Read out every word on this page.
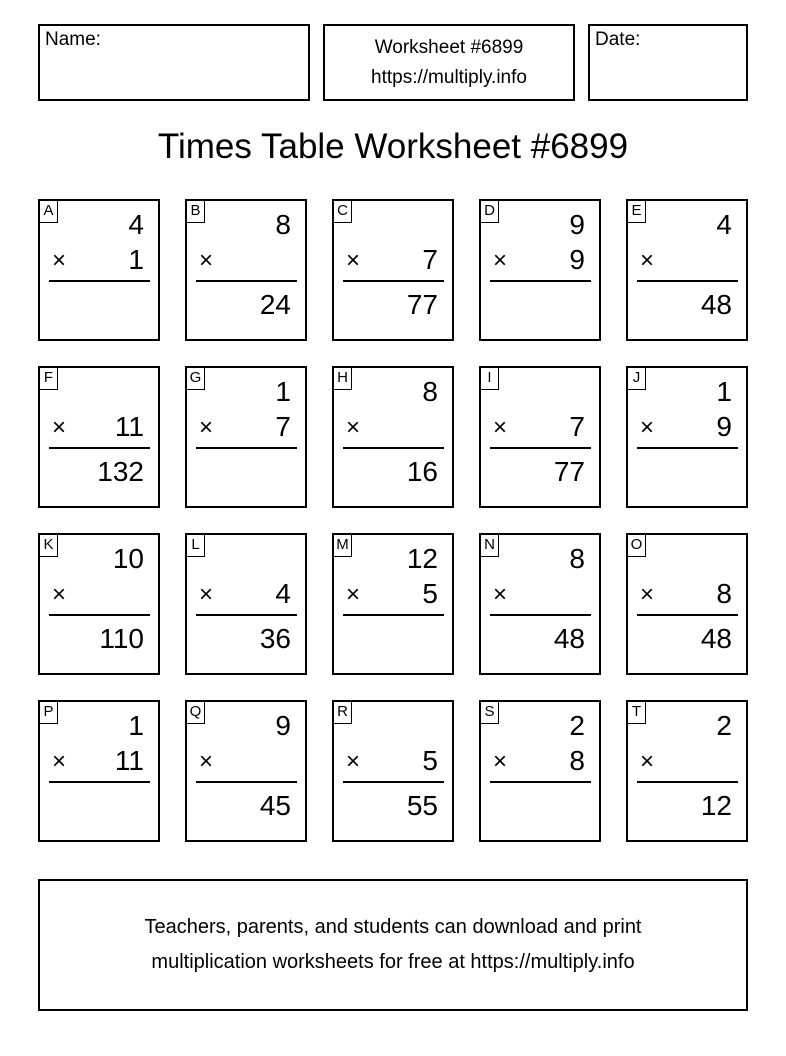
Name:	Worksheet #6899
https://multiply.info
Date:
Times Table Worksheet #6899
A	4
× 1
B	8
×
24
C
× 7
77
D	9
× 9
E	4
×
48
F
× 11
132
G	1
× 7
H	8
×
16
I
× 7
77
J	1
× 9
K 10
×
110
L
× 4
36
M 12
× 5
N	8
×
48
O
× 8
48
P	1
× 11
Q	9
×
45
R
× 5
55
S	2
× 8
T	2
×
12
Teachers, parents, and students can download and print
multiplication worksheets for free at https://multiply.info
